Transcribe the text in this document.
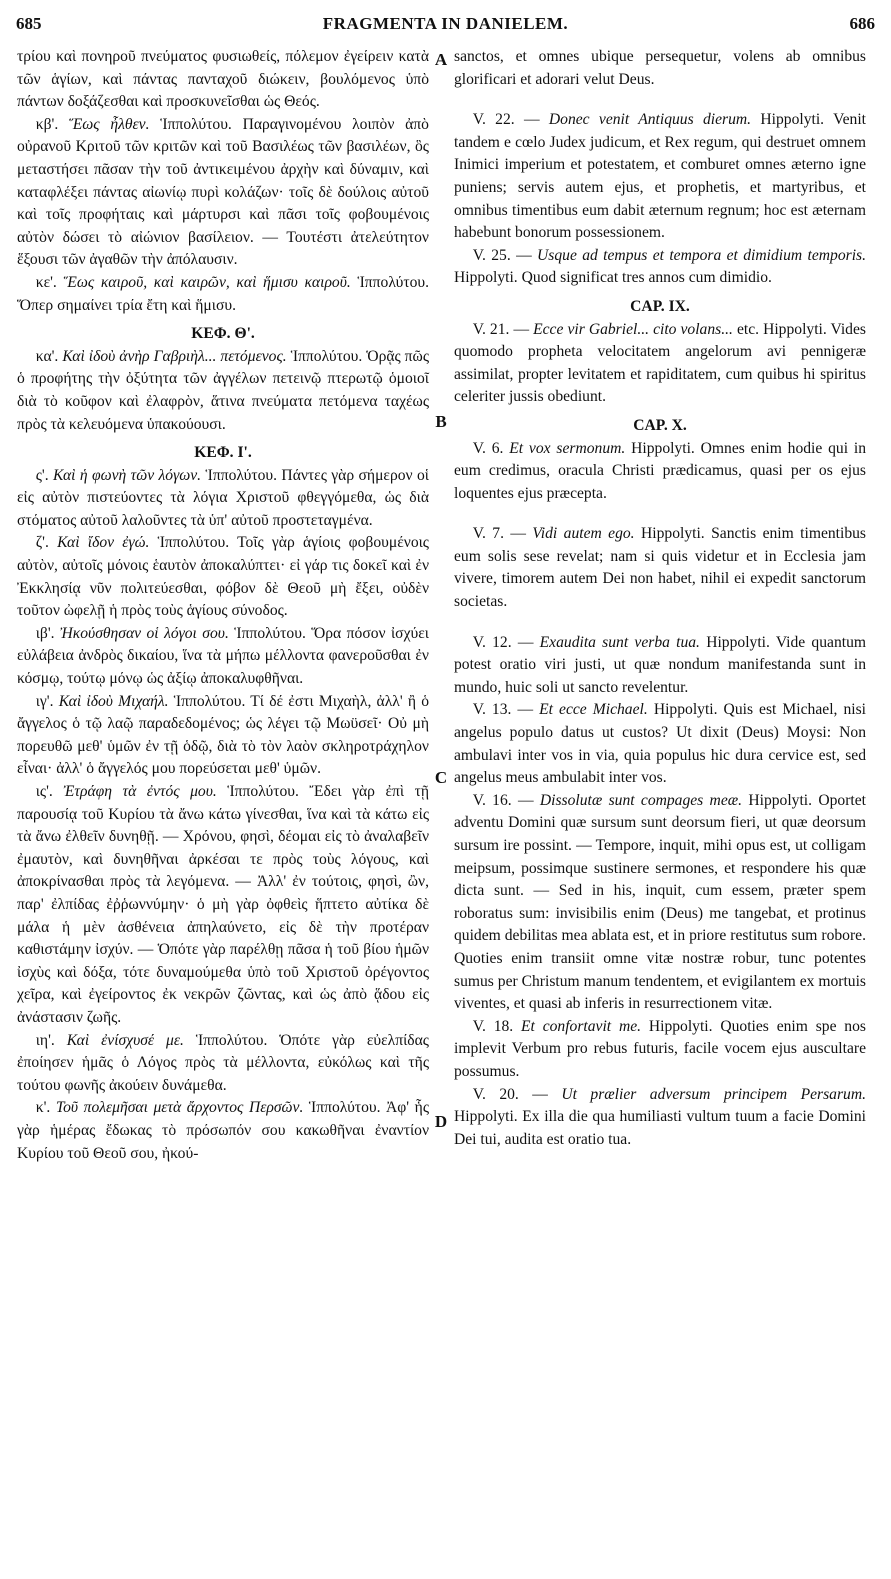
685	FRAGMENTA IN DANIELEM.	686

τρίου καὶ πονηροῦ πνεύματος φυσιωθείς, πόλεμον ἐγείρειν κατὰ τῶν ἁγίων, καὶ πάντας πανταχοῦ διώκειν, βουλόμενος ὑπὸ πάντων δοξάζεσθαι καὶ προσκυνεῖσθαι ὡς Θεός.

κβ'. Ἕως ἦλθεν. Ἱππολύτου. Παραγινομένου λοιπὸν ἀπὸ οὐρανοῦ Κριτοῦ τῶν κριτῶν καὶ τοῦ Βασιλέως τῶν βασιλέων, ὃς μεταστήσει πᾶσαν τὴν τοῦ ἀντικειμένου ἀρχὴν καὶ δύναμιν, καὶ καταφλέξει πάντας αἰωνίῳ πυρὶ κολάζων· τοῖς δὲ δούλοις αὐτοῦ καὶ τοῖς προφήταις καὶ μάρτυρσι καὶ πᾶσι τοῖς φοβουμένοις αὐτὸν δώσει τὸ αἰώνιον βασίλειον. — Τουτέστι ἀτελεύτητον ἕξουσι τῶν ἀγαθῶν τὴν ἀπόλαυσιν.

κε'. Ἕως καιροῦ, καὶ καιρῶν, καὶ ἥμισυ καιροῦ. Ἱππολύτου. Ὅπερ σημαίνει τρία ἔτη καὶ ἥμισυ.

ΚΕΦ. Θ'.

κα'. Καὶ ἰδοὺ ἀνὴρ Γαβριὴλ... πετόμενος. Ἱππολύτου. Ὁρᾷς πῶς ὁ προφήτης τὴν ὀξύτητα τῶν ἀγγέλων πετεινῷ πτερωτῷ ὁμοιοῖ διὰ τὸ κοῦφον καὶ ἐλαφρὸν, ἅτινα πνεύματα πετόμενα ταχέως πρὸς τὰ κελευόμενα ὑπακούουσι.

ΚΕΦ. Ι'.

ς'. Καὶ ἡ φωνὴ τῶν λόγων. Ἱππολύτου. Πάντες γὰρ σήμερον οἱ εἰς αὐτὸν πιστεύοντες τὰ λόγια Χριστοῦ φθεγγόμεθα, ὡς διὰ στόματος αὐτοῦ λαλοῦντες τὰ ὑπ' αὐτοῦ προστεταγμένα.

ζ'. Καὶ ἴδον ἐγώ. Ἱππολύτου. Τοῖς γὰρ ἁγίοις φοβουμένοις αὐτὸν, αὐτοῖς μόνοις ἑαυτὸν ἀποκαλύπτει· εἰ γάρ τις δοκεῖ καὶ ἐν Ἐκκλησίᾳ νῦν πολιτεύεσθαι, φόβον δὲ Θεοῦ μὴ ἔξει, οὐδὲν τοῦτον ὠφελῇ ἡ πρὸς τοὺς ἁγίους σύνοδος.

ιβ'. Ἠκούσθησαν οἱ λόγοι σου. Ἱππολύτου. Ὅρα πόσον ἰσχύει εὐλάβεια ἀνδρὸς δικαίου, ἵνα τὰ μήπω μέλλοντα φανεροῦσθαι ἐν κόσμῳ, τούτῳ μόνῳ ὡς ἀξίῳ ἀποκαλυφθῆναι.

ιγ'. Καὶ ἰδοὺ Μιχαήλ. Ἱππολύτου. Τί δέ ἐστι Μιχαὴλ, ἀλλ' ἢ ὁ ἄγγελος ὁ τῷ λαῷ παραδεδομένος; ὡς λέγει τῷ Μωϋσεῖ· Οὐ μὴ πορευθῶ μεθ' ὑμῶν ἐν τῇ ὁδῷ, διὰ τὸ τὸν λαὸν σκληροτράχηλον εἶναι· ἀλλ' ὁ ἄγγελός μου πορεύσεται μεθ' ὑμῶν.

ις'. Ἐτράφη τὰ ἐντός μου. Ἱππολύτου. Ἔδει γὰρ ἐπὶ τῇ παρουσίᾳ τοῦ Κυρίου τὰ ἄνω κάτω γίνεσθαι, ἵνα καὶ τὰ κάτω εἰς τὰ ἄνω ἐλθεῖν δυνηθῇ. — Χρόνου, φησὶ, δέομαι εἰς τὸ ἀναλαβεῖν ἐμαυτὸν, καὶ δυνηθῆναι ἀρκέσαι τε πρὸς τοὺς λόγους, καὶ ἀποκρίνασθαι πρὸς τὰ λεγόμενα. — Ἀλλ' ἐν τούτοις, φησὶ, ὢν, παρ' ἐλπίδας ἐῤῥωννύμην· ὁ μὴ γὰρ ὀφθεὶς ἥπτετο αὐτίκα δὲ μάλα ἡ μὲν ἀσθένεια ἀπηλαύνετο, εἰς δὲ τὴν προτέραν καθιστάμην ἰσχύν. — Ὁπότε γὰρ παρέλθῃ πᾶσα ἡ τοῦ βίου ἡμῶν ἰσχὺς καὶ δόξα, τότε δυναμούμεθα ὑπὸ τοῦ Χριστοῦ ὀρέγοντος χεῖρα, καὶ ἐγείροντος ἐκ νεκρῶν ζῶντας, καὶ ὡς ἀπὸ ᾅδου εἰς ἀνάστασιν ζωῆς.

ιη'. Καὶ ἐνίσχυσέ με. Ἱππολύτου. Ὁπότε γὰρ εὐελπίδας ἐποίησεν ἡμᾶς ὁ Λόγος πρὸς τὰ μέλλοντα, εὐκόλως καὶ τῆς τούτου φωνῆς ἀκούειν δυνάμεθα.

κ'. Τοῦ πολεμῆσαι μετὰ ἄρχοντος Περσῶν. Ἱππολύτου. Ἀφ' ἧς γὰρ ἡμέρας ἔδωκας τὸ πρόσωπόν σου κακωθῆναι ἐναντίον Κυρίου τοῦ Θεοῦ σου, ἠκού-

A
B
C
D

sanctos, et omnes ubique persequetur, volens ab omnibus glorificari et adorari velut Deus.

V. 22. — Donec venit Antiquus dierum. Hippolyti. Venit tandem e cœlo Judex judicum, et Rex regum, qui destruet omnem Inimici imperium et potestatem, et comburet omnes æterno igne puniens; servis autem ejus, et prophetis, et martyribus, et omnibus timentibus eum dabit æternum regnum; hoc est æternam habebunt bonorum possessionem.

V. 25. — Usque ad tempus et tempora et dimidium temporis. Hippolyti. Quod significat tres annos cum dimidio.

CAP. IX.

V. 21. — Ecce vir Gabriel... cito volans... etc. Hippolyti. Vides quomodo propheta velocitatem angelorum avi pennigeræ assimilat, propter levitatem et rapiditatem, cum quibus hi spiritus celeriter jussis obediunt.

CAP. X.

V. 6. Et vox sermonum. Hippolyti. Omnes enim hodie qui in eum credimus, oracula Christi prædicamus, quasi per os ejus loquentes ejus præcepta.

V. 7. — Vidi autem ego. Hippolyti. Sanctis enim timentibus eum solis sese revelat; nam si quis videtur et in Ecclesia jam vivere, timorem autem Dei non habet, nihil ei expedit sanctorum societas.

V. 12. — Exaudita sunt verba tua. Hippolyti. Vide quantum potest oratio viri justi, ut quæ nondum manifestanda sunt in mundo, huic soli ut sancto revelentur.

V. 13. — Et ecce Michael. Hippolyti. Quis est Michael, nisi angelus populo datus ut custos? Ut dixit (Deus) Moysi: Non ambulavi inter vos in via, quia populus hic dura cervice est, sed angelus meus ambulabit inter vos.

V. 16. — Dissolutæ sunt compages meæ. Hippolyti. Oportet adventu Domini quæ sursum sunt deorsum fieri, ut quæ deorsum sursum ire possint. — Tempore, inquit, mihi opus est, ut colligam meipsum, possimque sustinere sermones, et respondere his quæ dicta sunt. — Sed in his, inquit, cum essem, præter spem roboratus sum: invisibilis enim (Deus) me tangebat, et protinus quidem debilitas mea ablata est, et in priore restitutus sum robore. Quoties enim transiit omne vitæ nostræ robur, tunc potentes sumus per Christum manum tendentem, et evigilantem ex mortuis viventes, et quasi ab inferis in resurrectionem vitæ.

V. 18. Et confortavit me. Hippolyti. Quoties enim spe nos implevit Verbum pro rebus futuris, facile vocem ejus auscultare possumus.

V. 20. — Ut prælier adversum principem Persarum. Hippolyti. Ex illa die qua humiliasti vultum tuum a facie Domini Dei tui, audita est oratio tua.
